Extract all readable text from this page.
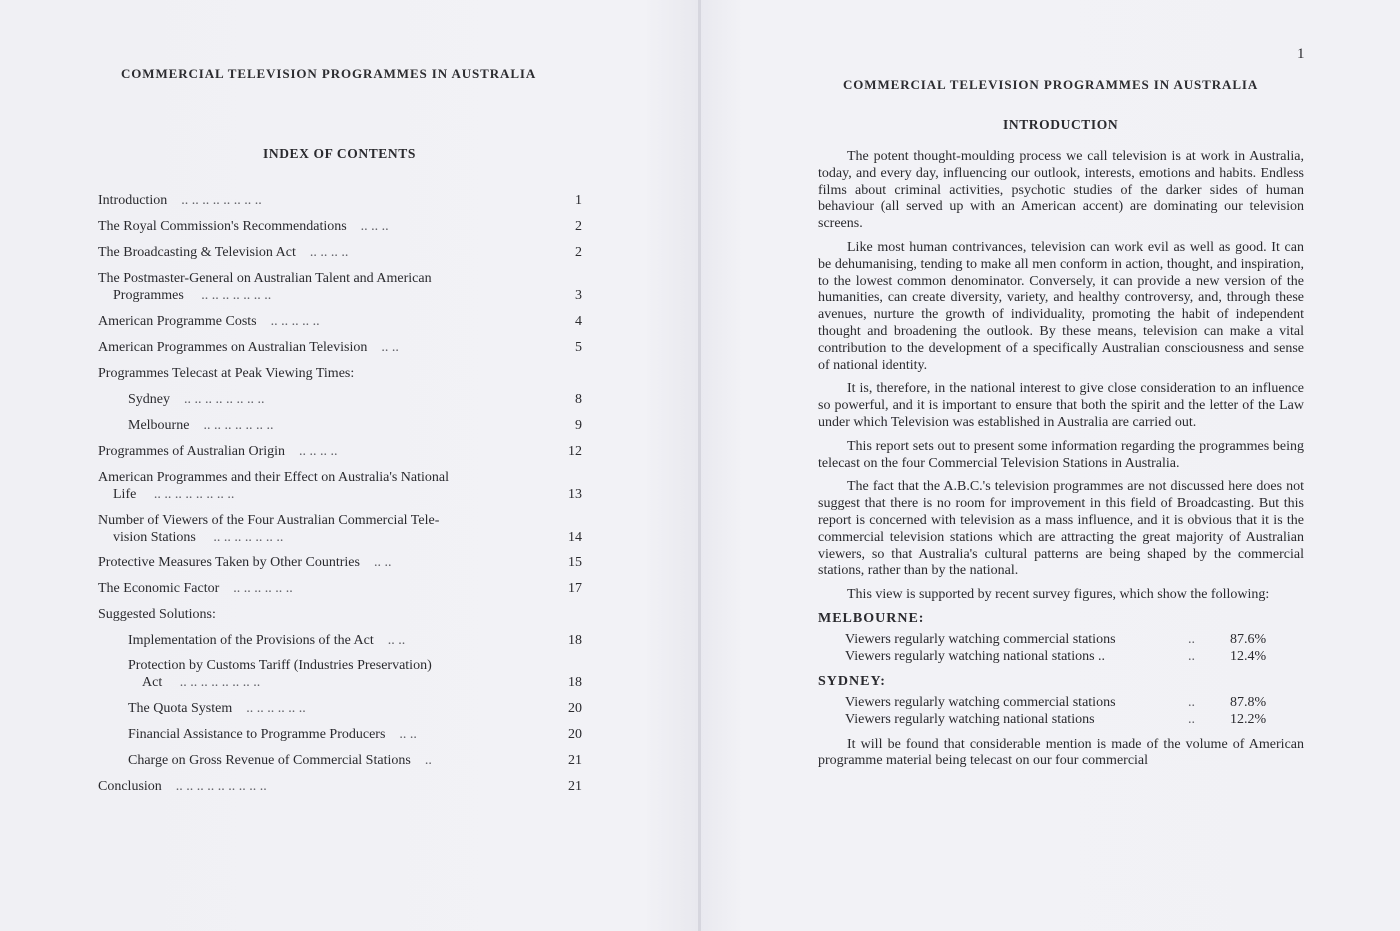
COMMERCIAL TELEVISION PROGRAMMES IN AUSTRALIA
INDEX OF CONTENTS
Introduction .. .. .. .. .. .. .. ..	1
The Royal Commission's Recommendations .. .. ..	2
The Broadcasting & Television Act .. .. .. ..	2
The Postmaster-General on Australian Talent and American
Programmes .. .. .. .. .. .. ..	3
American Programme Costs .. .. .. .. ..	4
American Programmes on Australian Television .. ..	5
Programmes Telecast at Peak Viewing Times:
Sydney .. .. .. .. .. .. .. ..	8
Melbourne .. .. .. .. .. .. ..	9
Programmes of Australian Origin .. .. .. ..	12
American Programmes and their Effect on Australia's National
Life .. .. .. .. .. .. .. ..	13
Number of Viewers of the Four Australian Commercial Tele-
vision Stations .. .. .. .. .. .. ..	14
Protective Measures Taken by Other Countries .. ..	15
The Economic Factor .. .. .. .. .. ..	17
Suggested Solutions:
Implementation of the Provisions of the Act .. ..	18
Protection by Customs Tariff (Industries Preservation)
Act .. .. .. .. .. .. .. ..	18
The Quota System .. .. .. .. .. ..	20
Financial Assistance to Programme Producers .. ..	20
Charge on Gross Revenue of Commercial Stations ..	21
Conclusion .. .. .. .. .. .. .. .. ..	21
1
COMMERCIAL TELEVISION PROGRAMMES IN AUSTRALIA
INTRODUCTION

The potent thought-moulding process we call television is at work in Australia, today, and every day, influencing our outlook, interests, emotions and habits. Endless films about criminal activities, psychotic studies of the darker sides of human behaviour (all served up with an American accent) are dominating our television screens.

Like most human contrivances, television can work evil as well as good. It can be dehumanising, tending to make all men conform in action, thought, and inspiration, to the lowest common denominator. Conversely, it can provide a new version of the humanities, can create diversity, variety, and healthy controversy, and, through these avenues, nurture the growth of individuality, promoting the habit of independent thought and broadening the outlook. By these means, television can make a vital contribution to the development of a specifically Australian consciousness and sense of national identity.

It is, therefore, in the national interest to give close consideration to an influence so powerful, and it is important to ensure that both the spirit and the letter of the Law under which Television was established in Australia are carried out.

This report sets out to present some information regarding the programmes being telecast on the four Commercial Television Stations in Australia.

The fact that the A.B.C.'s television programmes are not discussed here does not suggest that there is no room for improvement in this field of Broadcasting. But this report is concerned with television as a mass influence, and it is obvious that it is the commercial television stations which are attracting the great majority of Australian viewers, so that Australia's cultural patterns are being shaped by the commercial stations, rather than by the national.

This view is supported by recent survey figures, which show the following:

MELBOURNE:
Viewers regularly watching commercial stations	..	87.6%
Viewers regularly watching national stations ..	..	12.4%
SYDNEY:
Viewers regularly watching commercial stations	..	87.8%
Viewers regularly watching national stations	..	12.2%

It will be found that considerable mention is made of the volume of American programme material being telecast on our four commercial
